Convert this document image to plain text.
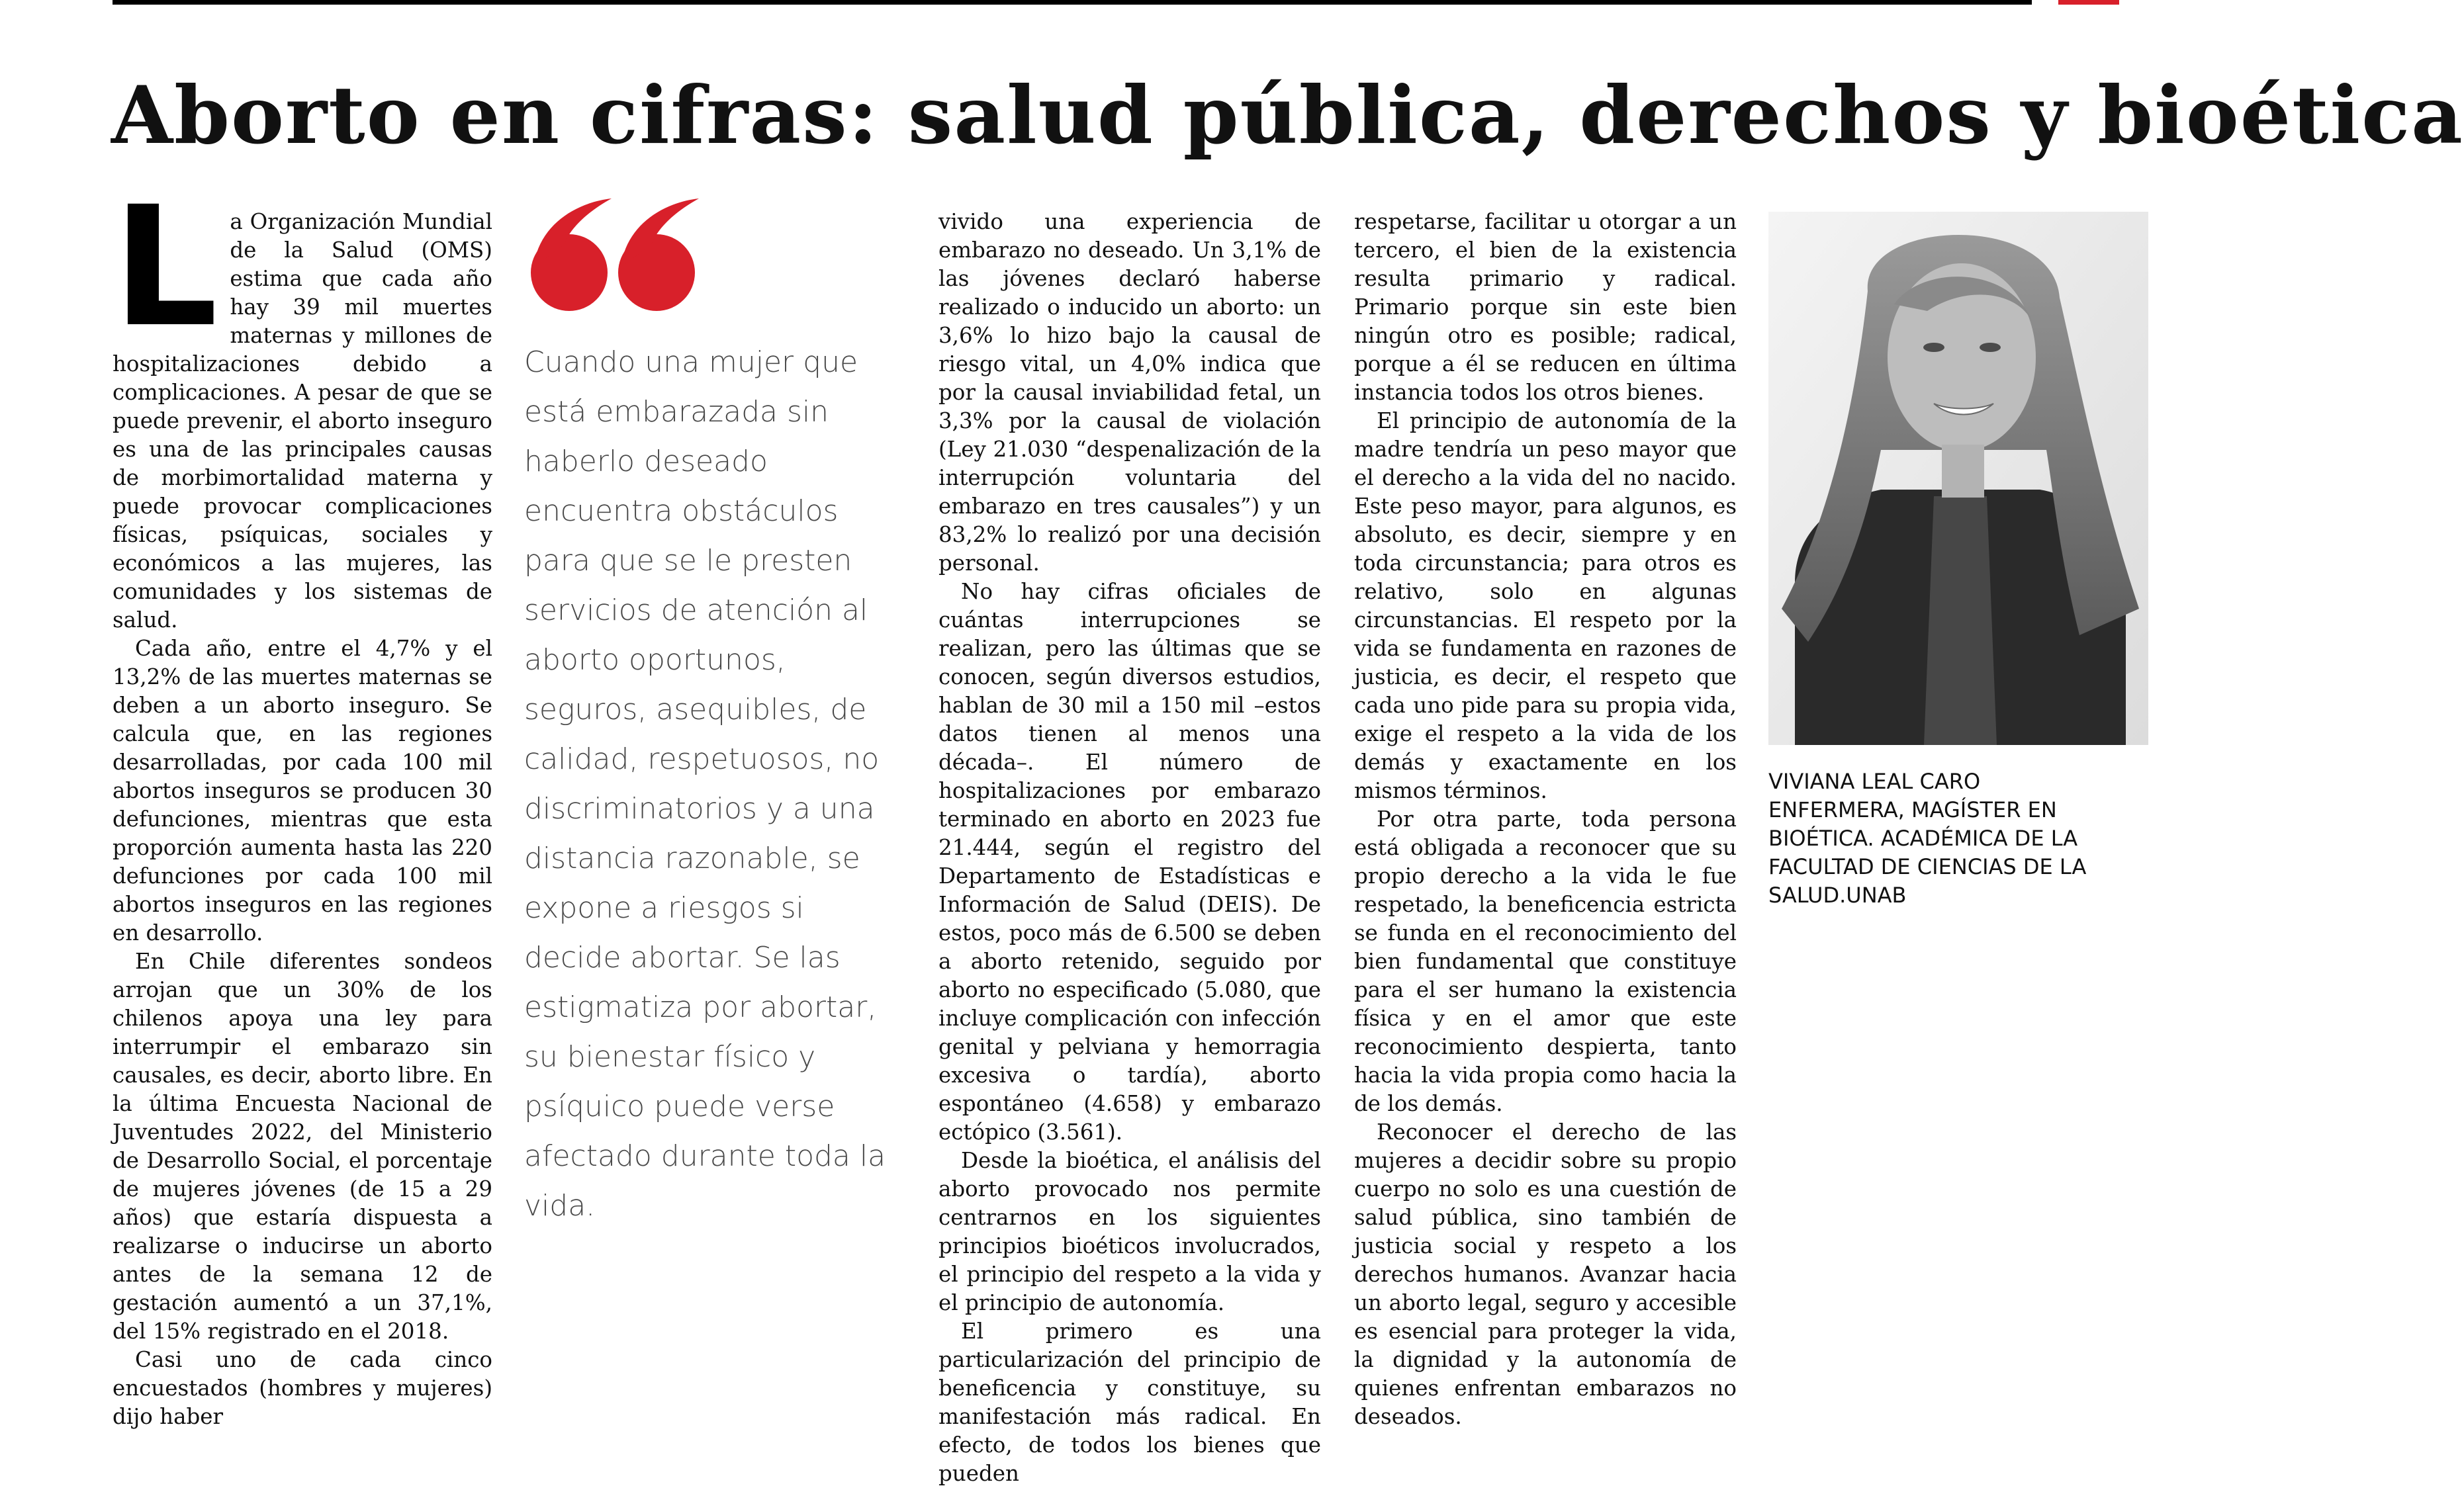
Aborto en cifras: salud pública, derechos y bioética

La Organización Mundial de la Salud (OMS) estima que cada año hay 39 mil muertes maternas y millones de hospitalizaciones debido a complicaciones. A pesar de que se puede prevenir, el aborto inseguro es una de las principales causas de morbimortalidad materna y puede provocar complicaciones físicas, psíquicas, sociales y económicos a las mujeres, las comunidades y los sistemas de salud.

Cada año, entre el 4,7% y el 13,2% de las muertes maternas se deben a un aborto inseguro. Se calcula que, en las regiones desarrolladas, por cada 100 mil abortos inseguros se producen 30 defunciones, mientras que esta proporción aumenta hasta las 220 defunciones por cada 100 mil abortos inseguros en las regiones en desarrollo.

En Chile diferentes sondeos arrojan que un 30% de los chilenos apoya una ley para interrumpir el embarazo sin causales, es decir, aborto libre. En la última Encuesta Nacional de Juventudes 2022, del Ministerio de Desarrollo Social, el porcentaje de mujeres jóvenes (de 15 a 29 años) que estaría dispuesta a realizarse o inducirse un aborto antes de la semana 12 de gestación aumentó a un 37,1%, del 15% registrado en el 2018.

Casi uno de cada cinco encuestados (hombres y mujeres) dijo haber

Cuando una mujer que está embarazada sin haberlo deseado encuentra obstáculos para que se le presten servicios de atención al aborto oportunos, seguros, asequibles, de calidad, respetuosos, no discriminatorios y a una distancia razonable, se expone a riesgos si decide abortar. Se las estigmatiza por abortar, su bienestar físico y psíquico puede verse afectado durante toda la vida.

vivido una experiencia de embarazo no deseado. Un 3,1% de las jóvenes declaró haberse realizado o inducido un aborto: un 3,6% lo hizo bajo la causal de riesgo vital, un 4,0% indica que por la causal inviabilidad fetal, un 3,3% por la causal de violación (Ley 21.030 “despenalización de la interrupción voluntaria del embarazo en tres causales”) y un 83,2% lo realizó por una decisión personal.

No hay cifras oficiales de cuántas interrupciones se realizan, pero las últimas que se conocen, según diversos estudios, hablan de 30 mil a 150 mil –estos datos tienen al menos una década–. El número de hospitalizaciones por embarazo terminado en aborto en 2023 fue 21.444, según el registro del Departamento de Estadísticas e Información de Salud (DEIS). De estos, poco más de 6.500 se deben a aborto retenido, seguido por aborto no especificado (5.080, que incluye complicación con infección genital y pelviana y hemorragia excesiva o tardía), aborto espontáneo (4.658) y embarazo ectópico (3.561).

Desde la bioética, el análisis del aborto provocado nos permite centrarnos en los siguientes principios bioéticos involucrados, el principio del respeto a la vida y el principio de autonomía.

El primero es una particularización del principio de beneficencia y constituye, su manifestación más radical. En efecto, de todos los bienes que pueden

respetarse, facilitar u otorgar a un tercero, el bien de la existencia resulta primario y radical. Primario porque sin este bien ningún otro es posible; radical, porque a él se reducen en última instancia todos los otros bienes.

El principio de autonomía de la madre tendría un peso mayor que el derecho a la vida del no nacido. Este peso mayor, para algunos, es absoluto, es decir, siempre y en toda circunstancia; para otros es relativo, solo en algunas circunstancias. El respeto por la vida se fundamenta en razones de justicia, es decir, el respeto que cada uno pide para su propia vida, exige el respeto a la vida de los demás y exactamente en los mismos términos.

Por otra parte, toda persona está obligada a reconocer que su propio derecho a la vida le fue respetado, la beneficencia estricta se funda en el reconocimiento del bien fundamental que constituye para el ser humano la existencia física y en el amor que este reconocimiento despierta, tanto hacia la vida propia como hacia la de los demás.

Reconocer el derecho de las mujeres a decidir sobre su propio cuerpo no solo es una cuestión de salud pública, sino también de justicia social y respeto a los derechos humanos. Avanzar hacia un aborto legal, seguro y accesible es esencial para proteger la vida, la dignidad y la autonomía de quienes enfrentan embarazos no deseados.

VIVIANA LEAL CARO
ENFERMERA, MAGÍSTER EN BIOÉTICA. ACADÉMICA DE LA FACULTAD DE CIENCIAS DE LA SALUD.UNAB
